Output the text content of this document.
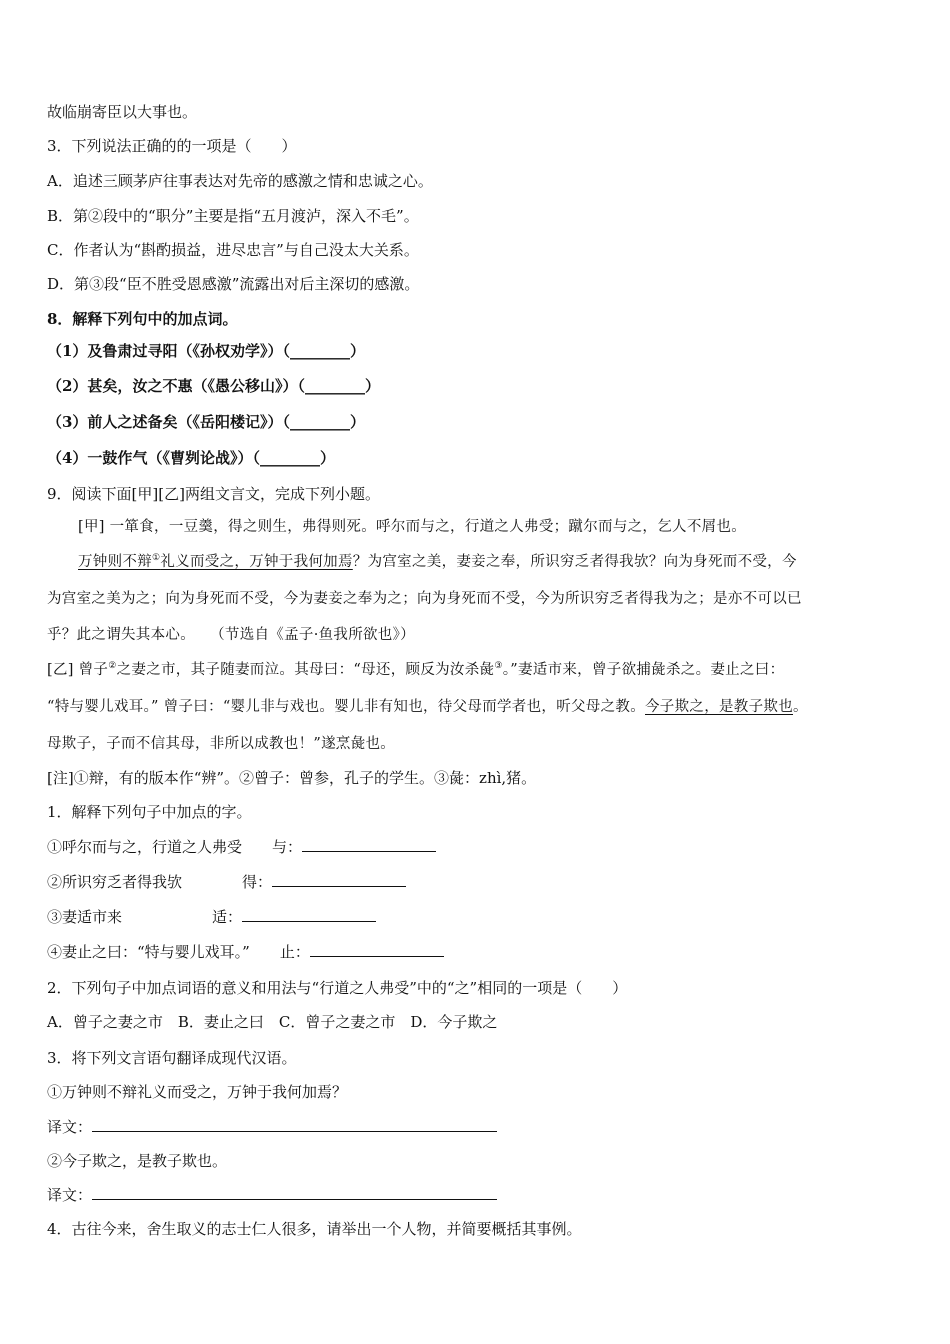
故临崩寄臣以大事也。
3．下列说法正确的的一项是（　　）
A．追述三顾茅庐往事表达对先帝的感激之情和忠诚之心。
B．第②段中的“职分”主要是指“五月渡泸，深入不毛”。
C．作者认为“斟酌损益，进尽忠言”与自己没太大关系。
D．第③段“臣不胜受恩感激”流露出对后主深切的感激。
8．解释下列句中的加点词。
（1）及鲁肃过寻阳（《孙权劝学》）（________）
（2）甚矣，汝之不惠（《愚公移山》）（________）
（3）前人之述备矣（《岳阳楼记》）（________）
（4）一鼓作气（《曹刿论战》）（________）
9．阅读下面[甲][乙]两组文言文，完成下列小题。
[甲] 一箪食，一豆羹，得之则生，弗得则死。呼尔而与之，行道之人弗受；蹴尔而与之，乞人不屑也。
万钟则不辩①礼义而受之，万钟于我何加焉？为宫室之美，妻妾之奉，所识穷乏者得我欤？向为身死而不受，今
为宫室之美为之；向为身死而不受，今为妻妾之奉为之；向为身死而不受，今为所识穷乏者得我为之；是亦不可以已
乎？此之谓失其本心。　　（节选自《孟子·鱼我所欲也》）
[乙] 曾子②之妻之市，其子随妻而泣。其母曰：“母还，顾反为汝杀彘③。”妻适市来，曾子欲捕彘杀之。妻止之曰：
“特与婴儿戏耳。” 曾子曰：“婴儿非与戏也。婴儿非有知也，待父母而学者也，听父母之教。今子欺之，是教子欺也。
母欺子，子而不信其母，非所以成教也！”遂烹彘也。
[注]①辩，有的版本作“辨”。②曾子：曾参，孔子的学生。③彘：zhì,猪。
1．解释下列句子中加点的字。
①呼尔而与之，行道之人弗受　　与：
②所识穷乏者得我欤　　　　得：
③妻适市来　　　　　　适：
④妻止之曰：“特与婴儿戏耳。”　　止：
2．下列句子中加点词语的意义和用法与“行道之人弗受”中的“之”相同的一项是（　　）
A．曾子之妻之市　B．妻止之曰　C．曾子之妻之市　D．今子欺之
3．将下列文言语句翻译成现代汉语。
①万钟则不辩礼义而受之，万钟于我何加焉？
译文：
②今子欺之，是教子欺也。
译文：
4．古往今来，舍生取义的志士仁人很多，请举出一个人物，并简要概括其事例。
